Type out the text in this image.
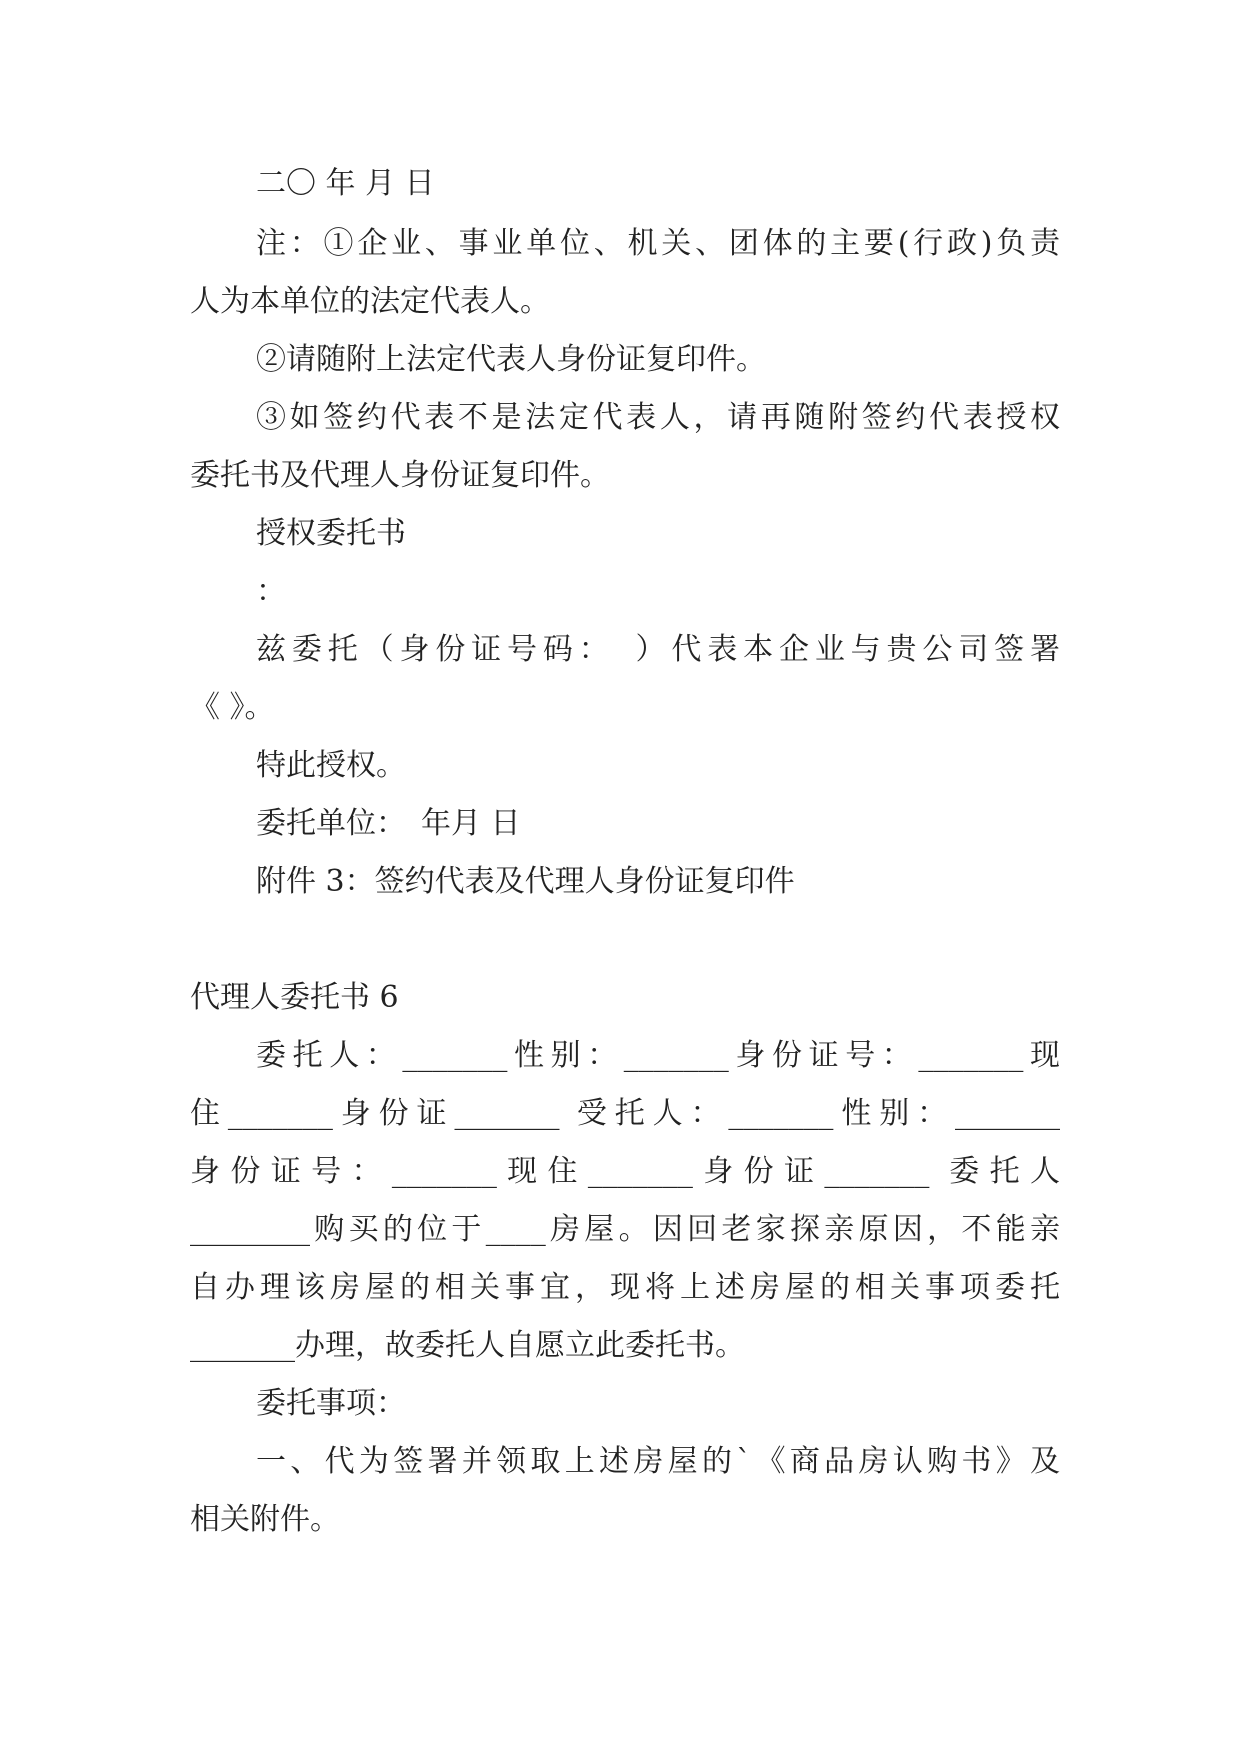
二〇 年 月 日
注：①企业、事业单位、机关、团体的主要(行政)负责
人为本单位的法定代表人。
②请随附上法定代表人身份证复印件。
③如签约代表不是法定代表人，请再随附签约代表授权
委托书及代理人身份证复印件。
授权委托书
：
兹委托（身份证号码：　）代表本企业与贵公司签署
《 》。
特此授权。
委托单位：　年月 日
附件 3：签约代表及代理人身份证复印件
代理人委托书 6
委托人：_______性别：_______身份证号：_______现
住_______身份证_______ 受托人：_______性别：_______
身份证号：_______现住_______身份证_______ 委托人
________购买的位于____房屋。因回老家探亲原因，不能亲
自办理该房屋的相关事宜，现将上述房屋的相关事项委托
_______办理，故委托人自愿立此委托书。
委托事项：
一、代为签署并领取上述房屋的`《商品房认购书》及
相关附件。
